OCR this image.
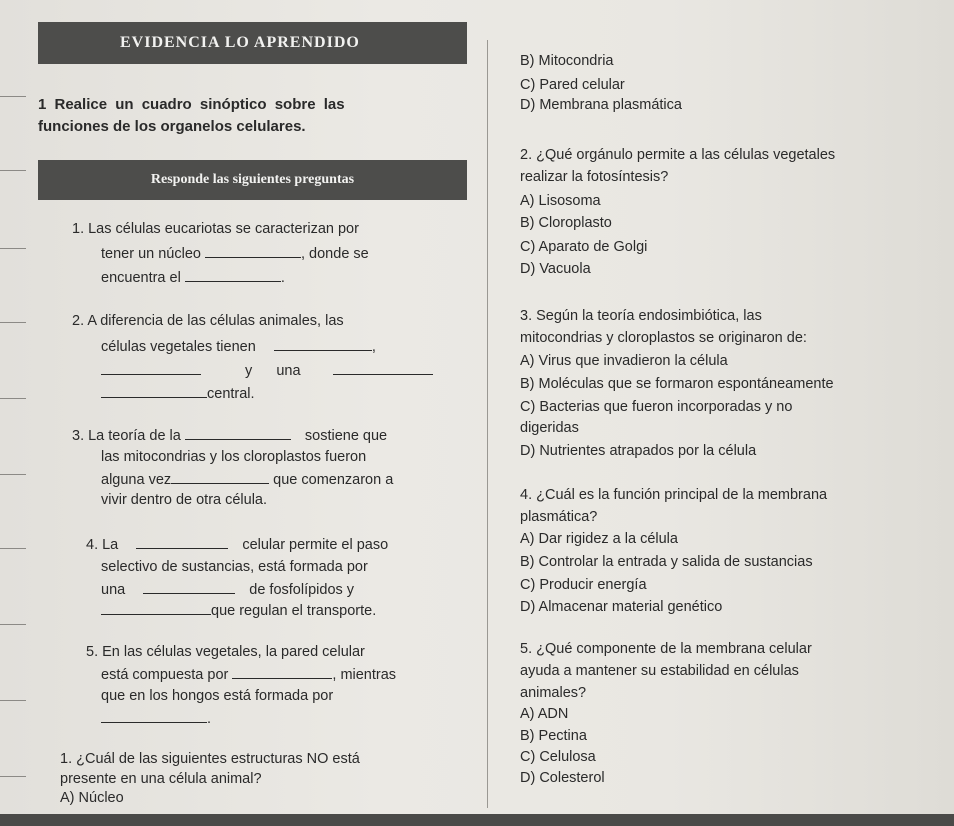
EVIDENCIA LO APRENDIDO
1 Realice un cuadro sinóptico sobre las
funciones de los organelos celulares.
Responde las siguientes preguntas
1. Las células eucariotas se caracterizan por
tener un núcleo	, donde se
encuentra el	.
2. A diferencia de las células animales, las
células vegetales tienen	,
y una
central.
3. La teoría de la	sostiene que
las mitocondrias y los cloroplastos fueron
alguna vez	que comenzaron a
vivir dentro de otra célula.
4. La	celular permite el paso
selectivo de sustancias, está formada por
una	de fosfolípidos y
que regulan el transporte.
5. En las células vegetales, la pared celular
está compuesta por	, mientras
que en los hongos está formada por
.
1. ¿Cuál de las siguientes estructuras NO está
presente en una célula animal?
A) Núcleo
B) Mitocondria
C) Pared celular
D) Membrana plasmática
2. ¿Qué orgánulo permite a las células vegetales
realizar la fotosíntesis?
A) Lisosoma
B) Cloroplasto
C) Aparato de Golgi
D) Vacuola
3. Según la teoría endosimbiótica, las
mitocondrias y cloroplastos se originaron de:
A) Virus que invadieron la célula
B) Moléculas que se formaron espontáneamente
C) Bacterias que fueron incorporadas y no
digeridas
D) Nutrientes atrapados por la célula
4. ¿Cuál es la función principal de la membrana
plasmática?
A) Dar rigidez a la célula
B) Controlar la entrada y salida de sustancias
C) Producir energía
D) Almacenar material genético
5. ¿Qué componente de la membrana celular
ayuda a mantener su estabilidad en células
animales?
A) ADN
B) Pectina
C) Celulosa
D) Colesterol
